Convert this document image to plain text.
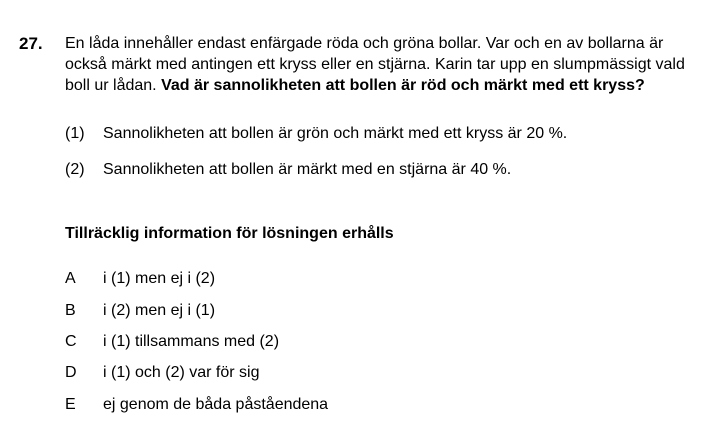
27. En låda innehåller endast enfärgade röda och gröna bollar. Var och en av bollarna är också märkt med antingen ett kryss eller en stjärna. Karin tar upp en slumpmässigt vald boll ur lådan. Vad är sannolikheten att bollen är röd och märkt med ett kryss?
(1) Sannolikheten att bollen är grön och märkt med ett kryss är 20 %.
(2) Sannolikheten att bollen är märkt med en stjärna är 40 %.
Tillräcklig information för lösningen erhålls
A i (1) men ej i (2)
B i (2) men ej i (1)
C i (1) tillsammans med (2)
D i (1) och (2) var för sig
E ej genom de båda påståendena
